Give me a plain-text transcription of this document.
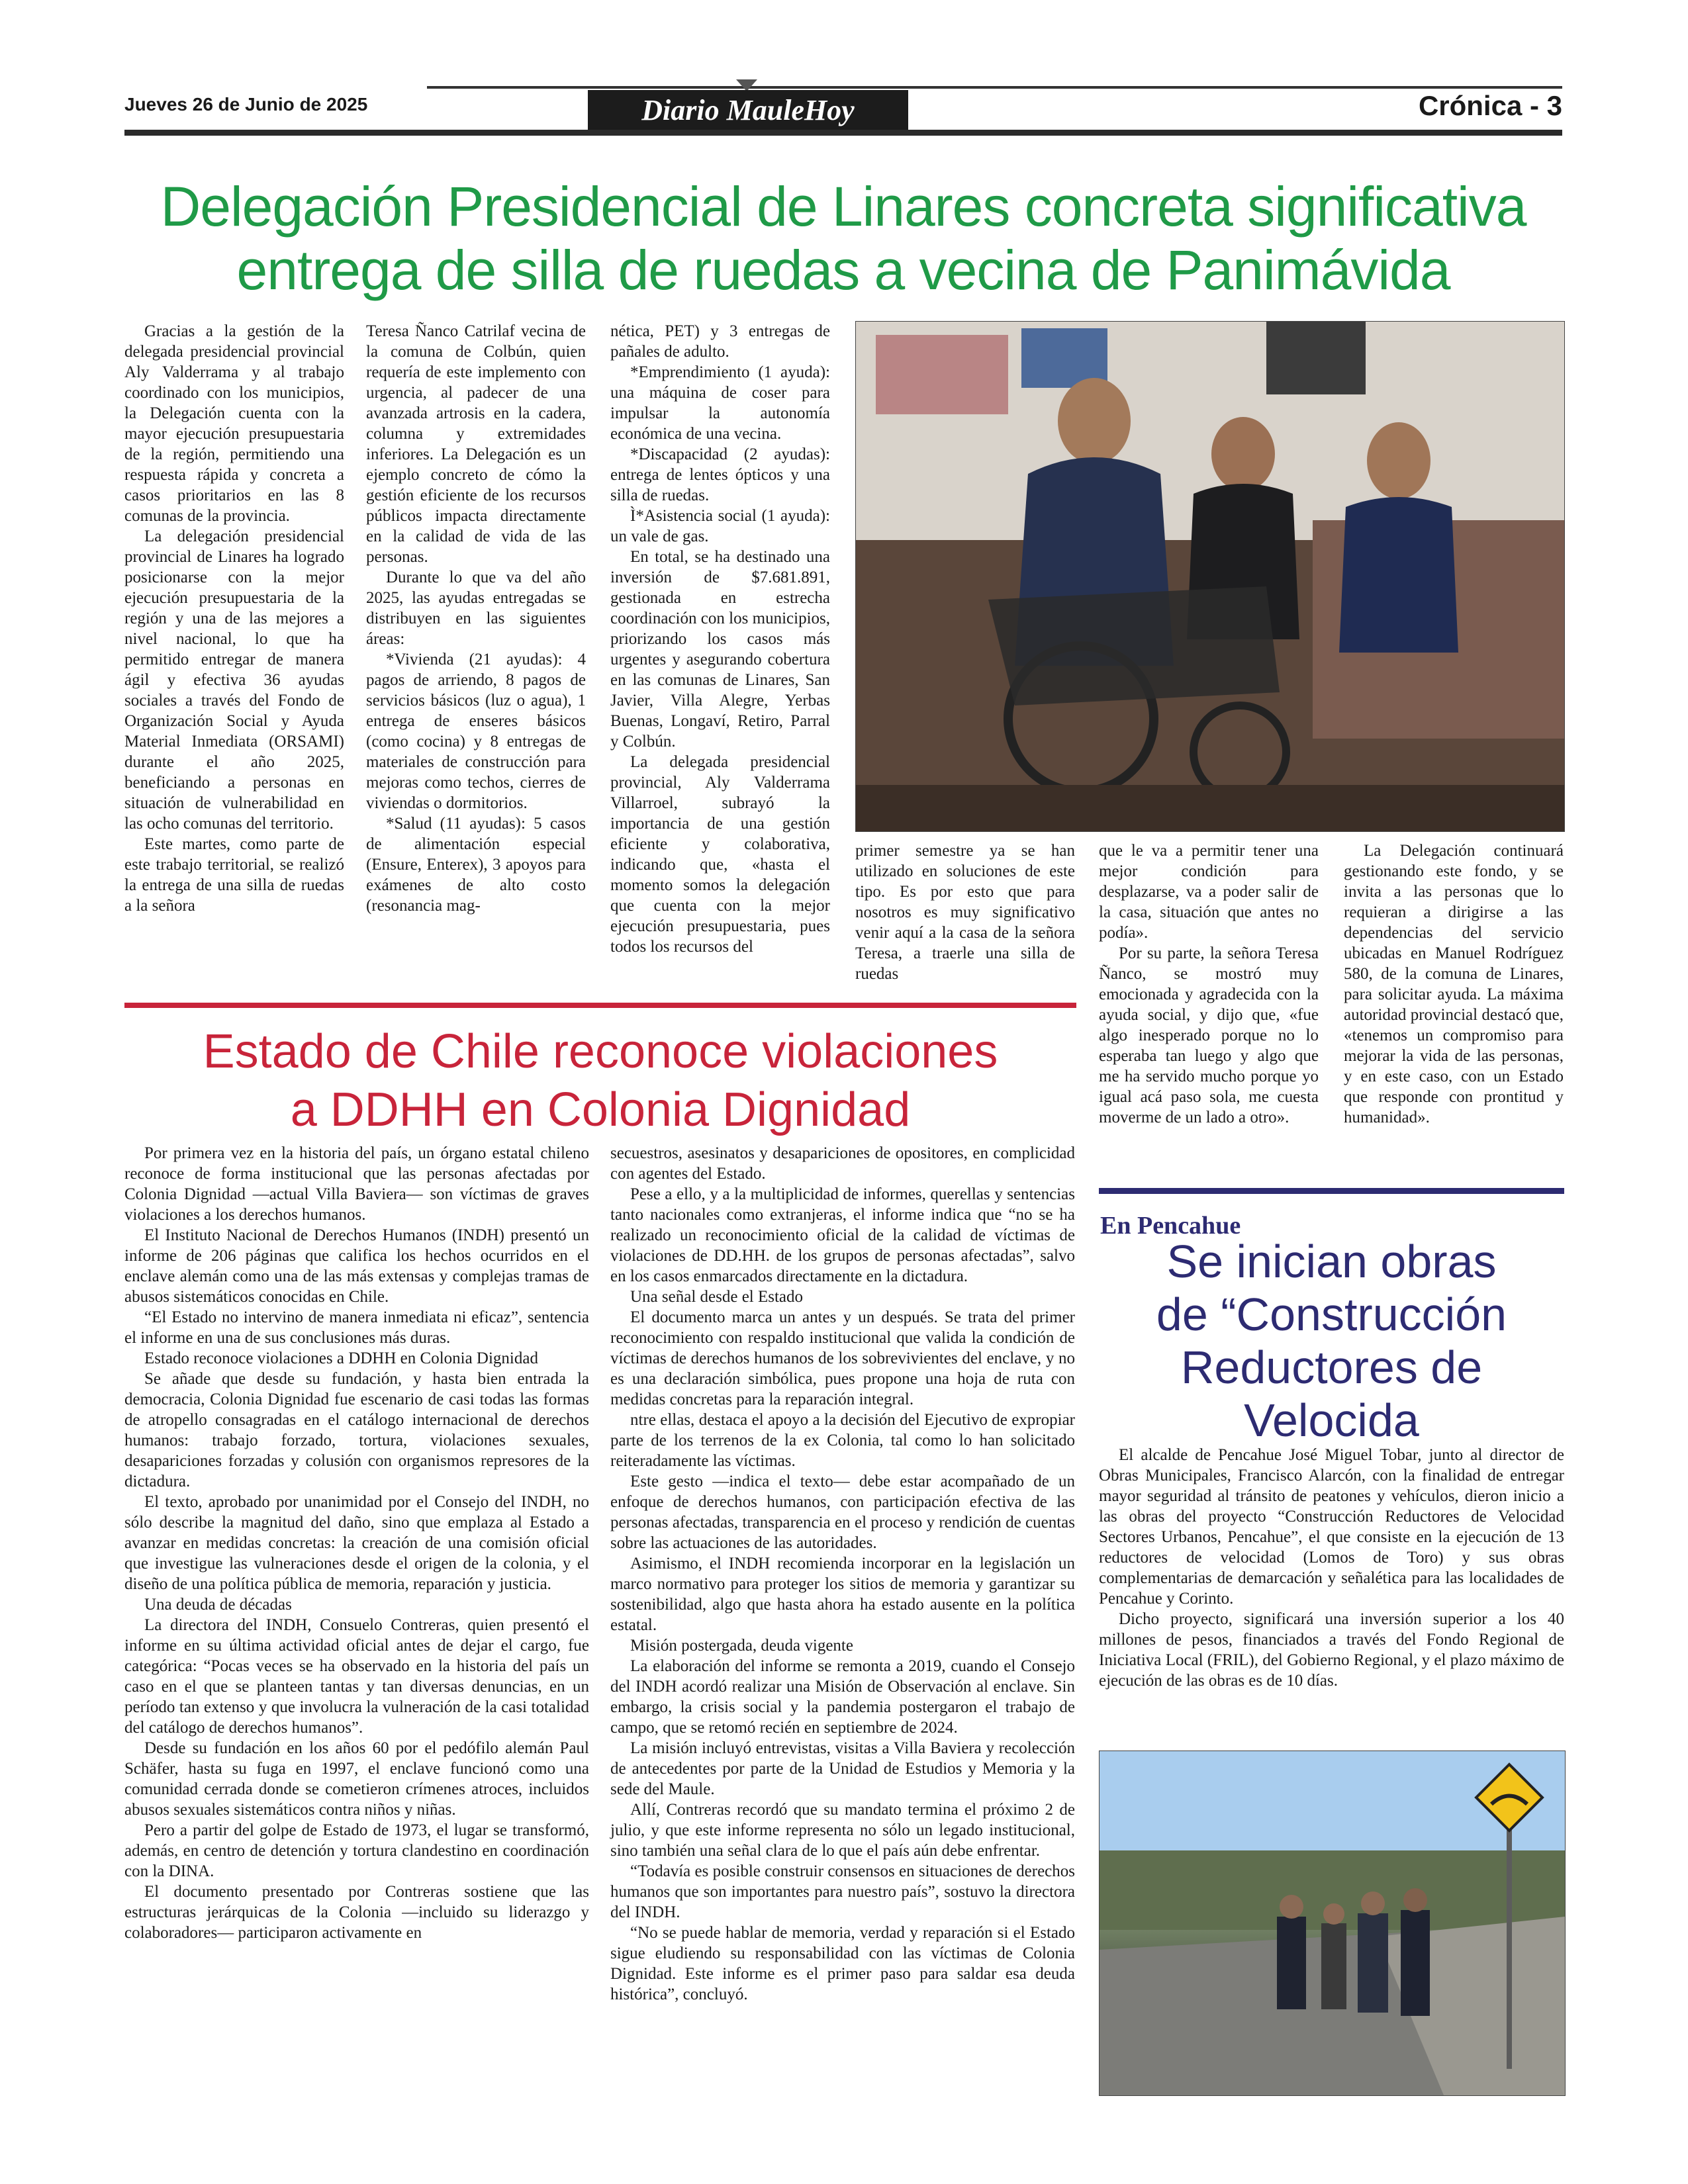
Jueves 26 de Junio de 2025	Diario MauleHoy	Crónica - 3
Delegación Presidencial de Linares concreta significativa
entrega de silla de ruedas a vecina de Panimávida

Gracias a la gestión de la delegada presidencial provincial Aly Valderrama y al trabajo coordinado con los municipios, la Delegación cuenta con la mayor ejecución presupuestaria de la región, permitiendo una respuesta rápida y concreta a casos prioritarios en las 8 comunas de la provincia.

La delegación presidencial provincial de Linares ha logrado posicionarse con la mejor ejecución presupuestaria de la región y una de las mejores a nivel nacional, lo que ha permitido entregar de manera ágil y efectiva 36 ayudas sociales a través del Fondo de Organización Social y Ayuda Material Inmediata (ORSAMI) durante el año 2025, beneficiando a personas en situación de vulnerabilidad en las ocho comunas del territorio.

Este martes, como parte de este trabajo territorial, se realizó la entrega de una silla de ruedas a la señora

Teresa Ñanco Catrilaf vecina de la comuna de Colbún, quien requería de este implemento con urgencia, al padecer de una avanzada artrosis en la cadera, columna y extremidades inferiores. La Delegación es un ejemplo concreto de cómo la gestión eficiente de los recursos públicos impacta directamente en la calidad de vida de las personas.

Durante lo que va del año 2025, las ayudas entregadas se distribuyen en las siguientes áreas:

*Vivienda (21 ayudas): 4 pagos de arriendo, 8 pagos de servicios básicos (luz o agua), 1 entrega de enseres básicos (como cocina) y 8 entregas de materiales de construcción para mejoras como techos, cierres de viviendas o dormitorios.

*Salud (11 ayudas): 5 casos de alimentación especial (Ensure, Enterex), 3 apoyos para exámenes de alto costo (resonancia mag-

nética, PET) y 3 entregas de pañales de adulto.

*Emprendimiento (1 ayuda): una máquina de coser para impulsar la autonomía económica de una vecina.

*Discapacidad (2 ayudas): entrega de lentes ópticos y una silla de ruedas.

Ì*Asistencia social (1 ayuda): un vale de gas.

En total, se ha destinado una inversión de $7.681.891, gestionada en estrecha coordinación con los municipios, priorizando los casos más urgentes y asegurando cobertura en las comunas de Linares, San Javier, Villa Alegre, Yerbas Buenas, Longaví, Retiro, Parral y Colbún.

La delegada presidencial provincial, Aly Valderrama Villarroel, subrayó la importancia de una gestión eficiente y colaborativa, indicando que, «hasta el momento somos la delegación que cuenta con la mejor ejecución presupuestaria, pues todos los recursos del

primer semestre ya se han utilizado en soluciones de este tipo. Es por esto que para nosotros es muy significativo venir aquí a la casa de la señora Teresa, a traerle una silla de ruedas

que le va a permitir tener una mejor condición para desplazarse, va a poder salir de la casa, situación que antes no podía».

Por su parte, la señora Teresa Ñanco, se mostró muy emocionada y agradecida con la ayuda social, y dijo que, «fue algo inesperado porque no lo esperaba tan luego y algo que me ha servido mucho porque yo igual acá paso sola, me cuesta moverme de un lado a otro».

La Delegación continuará gestionando este fondo, y se invita a las personas que lo requieran a dirigirse a las dependencias del servicio ubicadas en Manuel Rodríguez 580, de la comuna de Linares, para solicitar ayuda. La máxima autoridad provincial destacó que, «tenemos un compromiso para mejorar la vida de las personas, y en este caso, con un Estado que responde con prontitud y humanidad».

Estado de Chile reconoce violaciones
a DDHH en Colonia Dignidad

Por primera vez en la historia del país, un órgano estatal chileno reconoce de forma institucional que las personas afectadas por Colonia Dignidad —actual Villa Baviera— son víctimas de graves violaciones a los derechos humanos.

El Instituto Nacional de Derechos Humanos (INDH) presentó un informe de 206 páginas que califica los hechos ocurridos en el enclave alemán como una de las más extensas y complejas tramas de abusos sistemáticos conocidas en Chile.

“El Estado no intervino de manera inmediata ni eficaz”, sentencia el informe en una de sus conclusiones más duras.

Estado reconoce violaciones a DDHH en Colonia Dignidad

Se añade que desde su fundación, y hasta bien entrada la democracia, Colonia Dignidad fue escenario de casi todas las formas de atropello consagradas en el catálogo internacional de derechos humanos: trabajo forzado, tortura, violaciones sexuales, desapariciones forzadas y colusión con organismos represores de la dictadura.

El texto, aprobado por unanimidad por el Consejo del INDH, no sólo describe la magnitud del daño, sino que emplaza al Estado a avanzar en medidas concretas: la creación de una comisión oficial que investigue las vulneraciones desde el origen de la colonia, y el diseño de una política pública de memoria, reparación y justicia.

Una deuda de décadas

La directora del INDH, Consuelo Contreras, quien presentó el informe en su última actividad oficial antes de dejar el cargo, fue categórica: “Pocas veces se ha observado en la historia del país un caso en el que se planteen tantas y tan diversas denuncias, en un período tan extenso y que involucra la vulneración de la casi totalidad del catálogo de derechos humanos”.

Desde su fundación en los años 60 por el pedófilo alemán Paul Schäfer, hasta su fuga en 1997, el enclave funcionó como una comunidad cerrada donde se cometieron crímenes atroces, incluidos abusos sexuales sistemáticos contra niños y niñas.

Pero a partir del golpe de Estado de 1973, el lugar se transformó, además, en centro de detención y tortura clandestino en coordinación con la DINA.

El documento presentado por Contreras sostiene que las estructuras jerárquicas de la Colonia —incluido su liderazgo y colaboradores— participaron activamente en

secuestros, asesinatos y desapariciones de opositores, en complicidad con agentes del Estado.

Pese a ello, y a la multiplicidad de informes, querellas y sentencias tanto nacionales como extranjeras, el informe indica que “no se ha realizado un reconocimiento oficial de la calidad de víctimas de violaciones de DD.HH. de los grupos de personas afectadas”, salvo en los casos enmarcados directamente en la dictadura.

Una señal desde el Estado

El documento marca un antes y un después. Se trata del primer reconocimiento con respaldo institucional que valida la condición de víctimas de derechos humanos de los sobrevivientes del enclave, y no es una declaración simbólica, pues propone una hoja de ruta con medidas concretas para la reparación integral.

ntre ellas, destaca el apoyo a la decisión del Ejecutivo de expropiar parte de los terrenos de la ex Colonia, tal como lo han solicitado reiteradamente las víctimas.

Este gesto —indica el texto— debe estar acompañado de un enfoque de derechos humanos, con participación efectiva de las personas afectadas, transparencia en el proceso y rendición de cuentas sobre las actuaciones de las autoridades.

Asimismo, el INDH recomienda incorporar en la legislación un marco normativo para proteger los sitios de memoria y garantizar su sostenibilidad, algo que hasta ahora ha estado ausente en la política estatal.

Misión postergada, deuda vigente

La elaboración del informe se remonta a 2019, cuando el Consejo del INDH acordó realizar una Misión de Observación al enclave. Sin embargo, la crisis social y la pandemia postergaron el trabajo de campo, que se retomó recién en septiembre de 2024.

La misión incluyó entrevistas, visitas a Villa Baviera y recolección de antecedentes por parte de la Unidad de Estudios y Memoria y la sede del Maule.

Allí, Contreras recordó que su mandato termina el próximo 2 de julio, y que este informe representa no sólo un legado institucional, sino también una señal clara de lo que el país aún debe enfrentar.

“Todavía es posible construir consensos en situaciones de derechos humanos que son importantes para nuestro país”, sostuvo la directora del INDH.

“No se puede hablar de memoria, verdad y reparación si el Estado sigue eludiendo su responsabilidad con las víctimas de Colonia Dignidad. Este informe es el primer paso para saldar esa deuda histórica”, concluyó.

En Pencahue
Se inician obras
de “Construcción
Reductores de
Velocida

El alcalde de Pencahue José Miguel Tobar, junto al director de Obras Municipales, Francisco Alarcón, con la finalidad de entregar mayor seguridad al tránsito de peatones y vehículos, dieron inicio a las obras del proyecto “Construcción Reductores de Velocidad Sectores Urbanos, Pencahue”, el que consiste en la ejecución de 13 reductores de velocidad (Lomos de Toro) y sus obras complementarias de demarcación y señalética para las localidades de Pencahue y Corinto.

Dicho proyecto, significará una inversión superior a los 40 millones de pesos, financiados a través del Fondo Regional de Iniciativa Local (FRIL), del Gobierno Regional, y el plazo máximo de ejecución de las obras es de 10 días.
